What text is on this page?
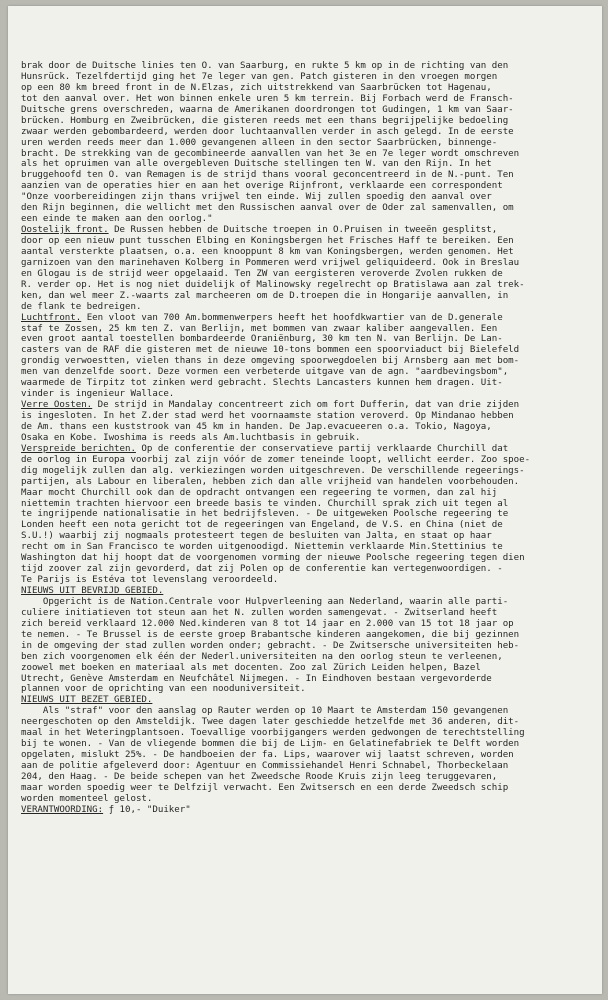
brak door de Duitsche linies ten O. van Saarburg, en rukte 5 km op in de richting van den
Hunsrück. Tezelfdertijd ging het 7e leger van gen. Patch gisteren in den vroegen morgen
op een 80 km breed front in de N.Elzas, zich uitstrekkend van Saarbrücken tot Hagenau,
tot den aanval over. Het won binnen enkele uren 5 km terrein. Bij Forbach werd de Fransch-
Duitsche grens overschreden, waarna de Amerikanen doordrongen tot Gudingen, 1 km van Saar-
brücken. Homburg en Zweibrücken, die gisteren reeds met een thans begrijpelijke bedoeling
zwaar werden gebombardeerd, werden door luchtaanvallen verder in asch gelegd. In de eerste
uren werden reeds meer dan 1.000 gevangenen alleen in den sector Saarbrücken, binnenge-
bracht. De strekking van de gecombineerde aanvallen van het 3e en 7e leger wordt omschreven
als het opruimen van alle overgebleven Duitsche stellingen ten W. van den Rijn. In het
bruggehoofd ten O. van Remagen is de strijd thans vooral geconcentreerd in de N.-punt. Ten
aanzien van de operaties hier en aan het overige Rijnfront, verklaarde een correspondent
"Onze voorbereidingen zijn thans vrijwel ten einde. Wij zullen spoedig den aanval over
den Rijn beginnen, die wellicht met den Russischen aanval over de Oder zal samenvallen, om
een einde te maken aan den oorlog."
Oostelijk front. De Russen hebben de Duitsche troepen in O.Pruisen in tweeën gesplitst,
door op een nieuw punt tusschen Elbing en Koningsbergen het Frisches Haff te bereiken. Een
aantal versterkte plaatsen, o.a. een knooppunt 8 km van Koningsbergen, werden genomen. Het
garnizoen van den marinehaven Kolberg in Pommeren werd vrijwel geliquideerd. Ook in Breslau
en Glogau is de strijd weer opgelaaid. Ten ZW van eergisteren veroverde Zvolen rukken de
R. verder op. Het is nog niet duidelijk of Malinowsky regelrecht op Bratislawa aan zal trek-
ken, dan wel meer Z.-waarts zal marcheeren om de D.troepen die in Hongarije aanvallen, in
de flank te bedreigen.
Luchtfront. Een vloot van 700 Am.bommenwerpers heeft het hoofdkwartier van de D.generale
staf te Zossen, 25 km ten Z. van Berlijn, met bommen van zwaar kaliber aangevallen. Een
even groot aantal toestellen bombardeerde Oraniënburg, 30 km ten N. van Berlijn. De Lan-
casters van de RAF die gisteren met de nieuwe 10-tons bommen een spoorviaduct bij Bielefeld
grondig verwoestten, vielen thans in deze omgeving spoorwegdoelen bij Arnsberg aan met bom-
men van denzelfde soort. Deze vormen een verbeterde uitgave van de agn. "aardbevingsbom",
waarmede de Tirpitz tot zinken werd gebracht. Slechts Lancasters kunnen hem dragen. Uit-
vinder is ingenieur Wallace.
Verre Oosten. De strijd in Mandalay concentreert zich om fort Dufferin, dat van drie zijden
is ingesloten. In het Z.der stad werd het voornaamste station veroverd. Op Mindanao hebben
de Am. thans een kuststrook van 45 km in handen. De Jap.evacueeren o.a. Tokio, Nagoya,
Osaka en Kobe. Iwoshima is reeds als Am.luchtbasis in gebruik.
Verspreide berichten. Op de conferentie der conservatieve partij verklaarde Churchill dat
de oorlog in Europa voorbij zal zijn vóór de zomer teneinde loopt, wellicht eerder. Zoo spoe-
dig mogelijk zullen dan alg. verkiezingen worden uitgeschreven. De verschillende regeerings-
partijen, als Labour en liberalen, hebben zich dan alle vrijheid van handelen voorbehouden.
Maar mocht Churchill ook dan de opdracht ontvangen een regeering te vormen, dan zal hij
niettemin trachten hiervoor een breede basis te vinden. Churchill sprak zich uit tegen al
te ingrijpende nationalisatie in het bedrijfsleven. - De uitgeweken Poolsche regeering te
Londen heeft een nota gericht tot de regeeringen van Engeland, de V.S. en China (niet de
S.U.!) waarbij zij nogmaals protesteert tegen de besluiten van Jalta, en staat op haar
recht om in San Francisco te worden uitgenoodigd. Niettemin verklaarde Min.Stettinius te
Washington dat hij hoopt dat de voorgenomen vorming der nieuwe Poolsche regeering tegen dien
tijd zoover zal zijn gevorderd, dat zij Polen op de conferentie kan vertegenwoordigen. -
Te Parijs is Estéva tot levenslang veroordeeld.
NIEUWS UIT BEVRIJD GEBIED.
Opgericht is de Nation.Centrale voor Hulpverleening aan Nederland, waarin alle parti-
culiere initiatieven tot steun aan het N. zullen worden samengevat. - Zwitserland heeft
zich bereid verklaard 12.000 Ned.kinderen van 8 tot 14 jaar en 2.000 van 15 tot 18 jaar op
te nemen. - Te Brussel is de eerste groep Brabantsche kinderen aangekomen, die bij gezinnen
in de omgeving der stad zullen worden onder; gebracht. - De Zwitsersche universiteiten heb-
ben zich voorgenomen elk één der Nederl.universiteiten na den oorlog steun te verleenen,
zoowel met boeken en materiaal als met docenten. Zoo zal Zürich Leiden helpen, Bazel
Utrecht, Genève Amsterdam en Neufchâtel Nijmegen. - In Eindhoven bestaan vergevorderde
plannen voor de oprichting van een nooduniversiteit.
NIEUWS UIT BEZET GEBIED.
Als "straf" voor den aanslag op Rauter werden op 10 Maart te Amsterdam 150 gevangenen
neergeschoten op den Amsteldijk. Twee dagen later geschiedde hetzelfde met 36 anderen, dit-
maal in het Weteringplantsoen. Toevallige voorbijgangers werden gedwongen de terechtstelling
bij te wonen. - Van de vliegende bommen die bij de Lijm- en Gelatinefabriek te Delft worden
opgelaten, mislukt 25%. - De handboeien der fa. Lips, waarover wij laatst schreven, worden
aan de politie afgeleverd door: Agentuur en Commissiehandel Henri Schnabel, Thorbeckelaan
204, den Haag. - De beide schepen van het Zweedsche Roode Kruis zijn leeg teruggevaren,
maar worden spoedig weer te Delfzijl verwacht. Een Zwitsersch en een derde Zweedsch schip
worden momenteel gelost.
VERANTWOORDING: ƒ 10,- "Duiker"
